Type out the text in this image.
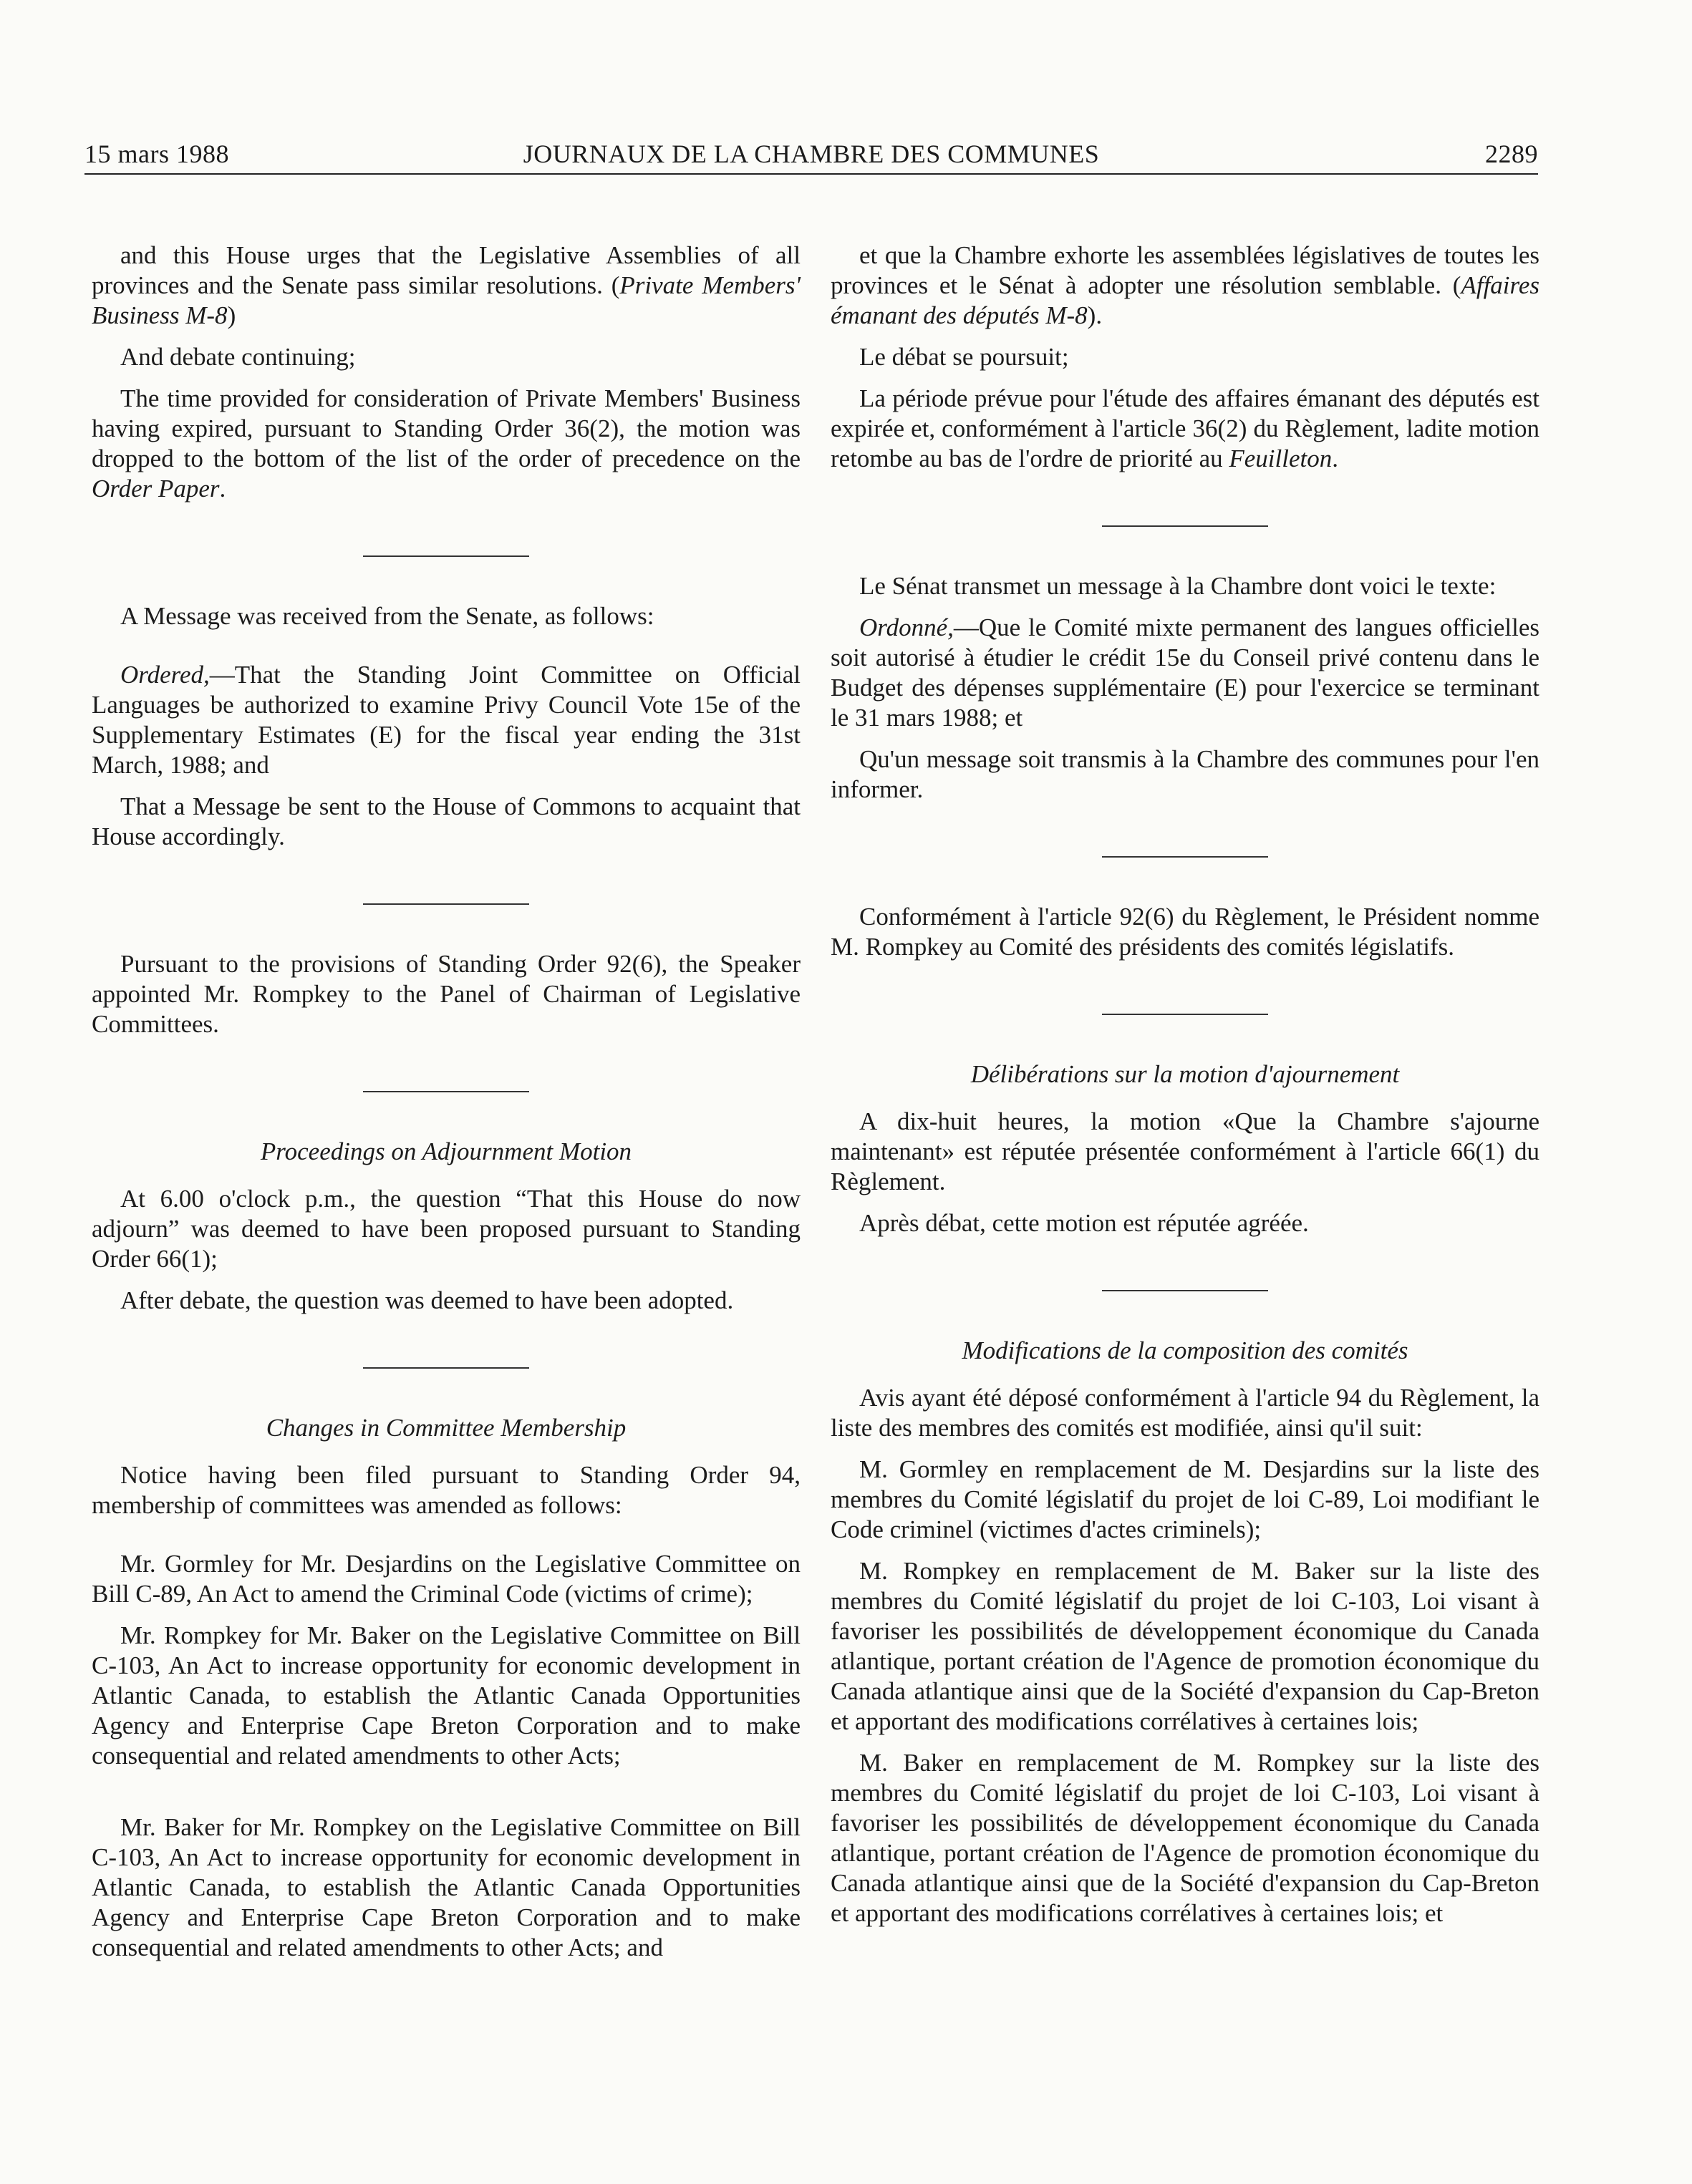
15 mars 1988	JOURNAUX DE LA CHAMBRE DES COMMUNES	2289

and this House urges that the Legislative Assemblies of all provinces and the Senate pass similar resolutions. (Private Members' Business M-8)

And debate continuing;

The time provided for consideration of Private Members' Business having expired, pursuant to Standing Order 36(2), the motion was dropped to the bottom of the list of the order of precedence on the Order Paper.

A Message was received from the Senate, as follows:

Ordered,—That the Standing Joint Committee on Official Languages be authorized to examine Privy Council Vote 15e of the Supplementary Estimates (E) for the fiscal year ending the 31st March, 1988; and

That a Message be sent to the House of Commons to acquaint that House accordingly.

Pursuant to the provisions of Standing Order 92(6), the Speaker appointed Mr. Rompkey to the Panel of Chairman of Legislative Committees.

Proceedings on Adjournment Motion

At 6.00 o'clock p.m., the question “That this House do now adjourn” was deemed to have been proposed pursuant to Standing Order 66(1);

After debate, the question was deemed to have been adopted.

Changes in Committee Membership

Notice having been filed pursuant to Standing Order 94, membership of committees was amended as follows:

Mr. Gormley for Mr. Desjardins on the Legislative Committee on Bill C-89, An Act to amend the Criminal Code (victims of crime);

Mr. Rompkey for Mr. Baker on the Legislative Committee on Bill C-103, An Act to increase opportunity for economic development in Atlantic Canada, to establish the Atlantic Canada Opportunities Agency and Enterprise Cape Breton Corporation and to make consequential and related amendments to other Acts;

Mr. Baker for Mr. Rompkey on the Legislative Committee on Bill C-103, An Act to increase opportunity for economic development in Atlantic Canada, to establish the Atlantic Canada Opportunities Agency and Enterprise Cape Breton Corporation and to make consequential and related amendments to other Acts; and

et que la Chambre exhorte les assemblées législatives de toutes les provinces et le Sénat à adopter une résolution semblable. (Affaires émanant des députés M-8).

Le débat se poursuit;

La période prévue pour l'étude des affaires émanant des députés est expirée et, conformément à l'article 36(2) du Règlement, ladite motion retombe au bas de l'ordre de priorité au Feuilleton.

Le Sénat transmet un message à la Chambre dont voici le texte:

Ordonné,—Que le Comité mixte permanent des langues officielles soit autorisé à étudier le crédit 15e du Conseil privé contenu dans le Budget des dépenses supplémentaire (E) pour l'exercice se terminant le 31 mars 1988; et

Qu'un message soit transmis à la Chambre des communes pour l'en informer.

Conformément à l'article 92(6) du Règlement, le Président nomme M. Rompkey au Comité des présidents des comités législatifs.

Délibérations sur la motion d'ajournement

A dix-huit heures, la motion «Que la Chambre s'ajourne maintenant» est réputée présentée conformément à l'article 66(1) du Règlement.

Après débat, cette motion est réputée agréée.

Modifications de la composition des comités

Avis ayant été déposé conformément à l'article 94 du Règlement, la liste des membres des comités est modifiée, ainsi qu'il suit:

M. Gormley en remplacement de M. Desjardins sur la liste des membres du Comité législatif du projet de loi C-89, Loi modifiant le Code criminel (victimes d'actes criminels);

M. Rompkey en remplacement de M. Baker sur la liste des membres du Comité législatif du projet de loi C-103, Loi visant à favoriser les possibilités de développement économique du Canada atlantique, portant création de l'Agence de promotion économique du Canada atlantique ainsi que de la Société d'expansion du Cap-Breton et apportant des modifications corrélatives à certaines lois;

M. Baker en remplacement de M. Rompkey sur la liste des membres du Comité législatif du projet de loi C-103, Loi visant à favoriser les possibilités de développement économique du Canada atlantique, portant création de l'Agence de promotion économique du Canada atlantique ainsi que de la Société d'expansion du Cap-Breton et apportant des modifications corrélatives à certaines lois; et
